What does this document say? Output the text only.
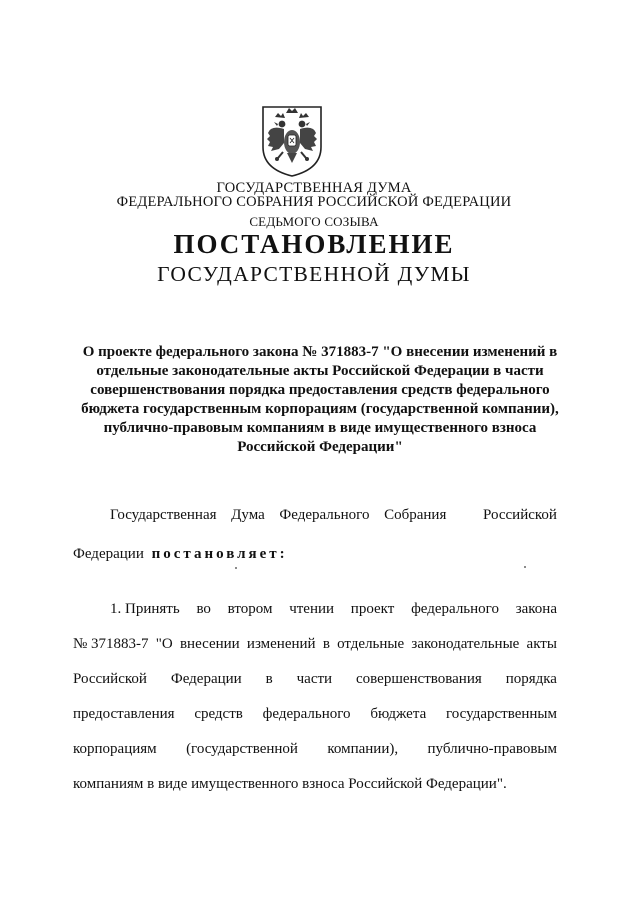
ГОСУДАРСТВЕННАЯ ДУМА
ФЕДЕРАЛЬНОГО СОБРАНИЯ РОССИЙСКОЙ ФЕДЕРАЦИИ
СЕДЬМОГО СОЗЫВА
ПОСТАНОВЛЕНИЕ
ГОСУДАРСТВЕННОЙ ДУМЫ
О проекте федерального закона № 371883-7 "О внесении изменений в
отдельные законодательные акты Российской Федерации в части
совершенствования порядка предоставления средств федерального
бюджета государственным корпорациям (государственной компании),
публично-правовым компаниям в виде имущественного взноса
Российской Федерации"
Государственная Дума Федерального Собрания Российской
Федерации постановляет:
1. Принять во втором чтении проект федерального закона
№ 371883-7 "О внесении изменений в отдельные законодательные акты
Российской Федерации в части совершенствования порядка
предоставления средств федерального бюджета государственным
корпорациям (государственной компании), публично-правовым
компаниям в виде имущественного взноса Российской Федерации".
